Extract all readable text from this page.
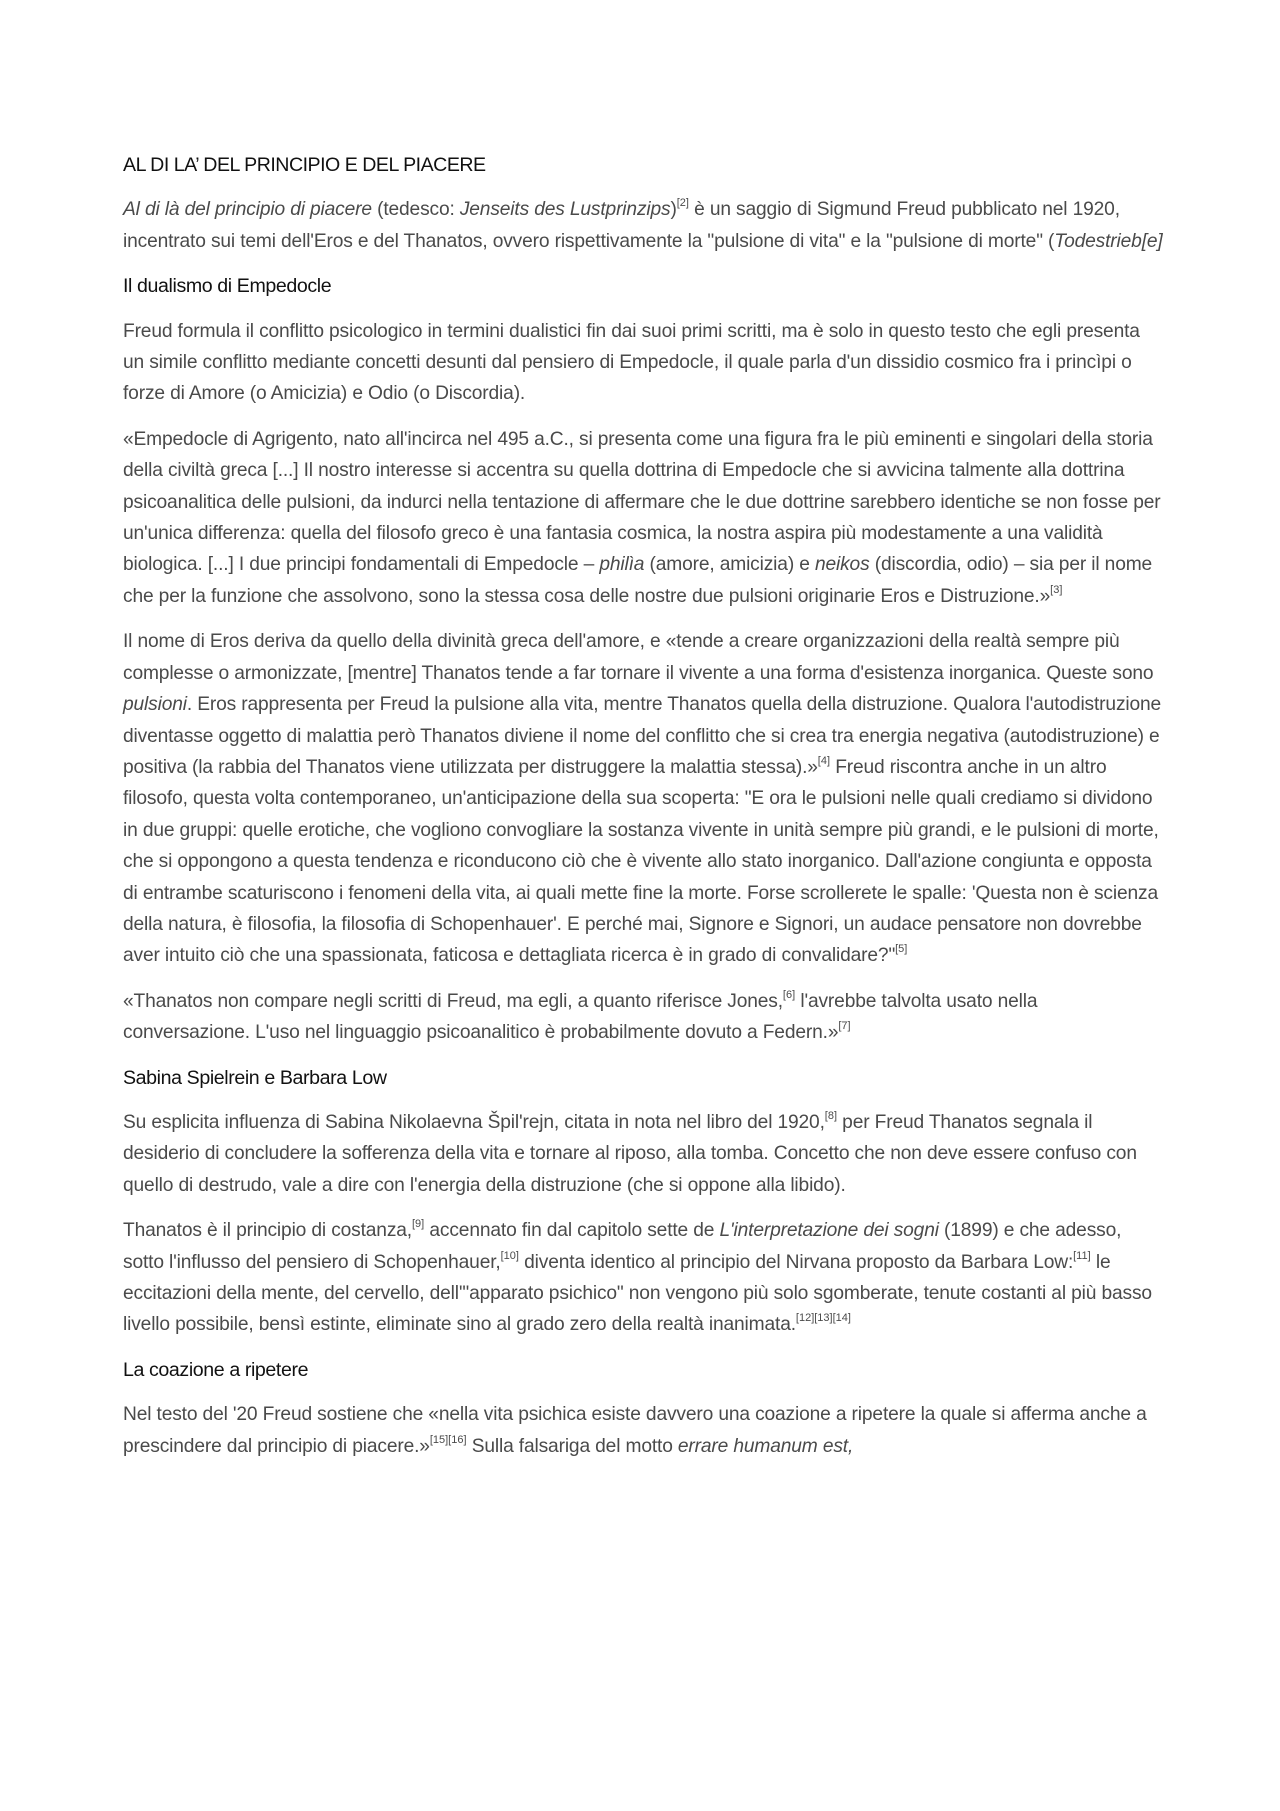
AL DI LA’ DEL PRINCIPIO E DEL PIACERE

Al di là del principio di piacere (tedesco: Jenseits des Lustprinzips)[2] è un saggio di Sigmund Freud pubblicato nel 1920, incentrato sui temi dell'Eros e del Thanatos, ovvero rispettivamente la "pulsione di vita" e la "pulsione di morte" (Todestrieb[e]

Il dualismo di Empedocle

Freud formula il conflitto psicologico in termini dualistici fin dai suoi primi scritti, ma è solo in questo testo che egli presenta un simile conflitto mediante concetti desunti dal pensiero di Empedocle, il quale parla d'un dissidio cosmico fra i princìpi o forze di Amore (o Amicizia) e Odio (o Discordia).

«Empedocle di Agrigento, nato all'incirca nel 495 a.C., si presenta come una figura fra le più eminenti e singolari della storia della civiltà greca [...] Il nostro interesse si accentra su quella dottrina di Empedocle che si avvicina talmente alla dottrina psicoanalitica delle pulsioni, da indurci nella tentazione di affermare che le due dottrine sarebbero identiche se non fosse per un'unica differenza: quella del filosofo greco è una fantasia cosmica, la nostra aspira più modestamente a una validità biologica. [...] I due principi fondamentali di Empedocle – philìa (amore, amicizia) e neikos (discordia, odio) – sia per il nome che per la funzione che assolvono, sono la stessa cosa delle nostre due pulsioni originarie Eros e Distruzione.»[3]

Il nome di Eros deriva da quello della divinità greca dell'amore, e «tende a creare organizzazioni della realtà sempre più complesse o armonizzate, [mentre] Thanatos tende a far tornare il vivente a una forma d'esistenza inorganica. Queste sono pulsioni. Eros rappresenta per Freud la pulsione alla vita, mentre Thanatos quella della distruzione. Qualora l'autodistruzione diventasse oggetto di malattia però Thanatos diviene il nome del conflitto che si crea tra energia negativa (autodistruzione) e positiva (la rabbia del Thanatos viene utilizzata per distruggere la malattia stessa).»[4] Freud riscontra anche in un altro filosofo, questa volta contemporaneo, un'anticipazione della sua scoperta: "E ora le pulsioni nelle quali crediamo si dividono in due gruppi: quelle erotiche, che vogliono convogliare la sostanza vivente in unità sempre più grandi, e le pulsioni di morte, che si oppongono a questa tendenza e riconducono ciò che è vivente allo stato inorganico. Dall'azione congiunta e opposta di entrambe scaturiscono i fenomeni della vita, ai quali mette fine la morte. Forse scrollerete le spalle: 'Questa non è scienza della natura, è filosofia, la filosofia di Schopenhauer'. E perché mai, Signore e Signori, un audace pensatore non dovrebbe aver intuito ciò che una spassionata, faticosa e dettagliata ricerca è in grado di convalidare?"[5]

«Thanatos non compare negli scritti di Freud, ma egli, a quanto riferisce Jones,[6] l'avrebbe talvolta usato nella conversazione. L'uso nel linguaggio psicoanalitico è probabilmente dovuto a Federn.»[7]

Sabina Spielrein e Barbara Low

Su esplicita influenza di Sabina Nikolaevna Špil'rejn, citata in nota nel libro del 1920,[8] per Freud Thanatos segnala il desiderio di concludere la sofferenza della vita e tornare al riposo, alla tomba. Concetto che non deve essere confuso con quello di destrudo, vale a dire con l'energia della distruzione (che si oppone alla libido).

Thanatos è il principio di costanza,[9] accennato fin dal capitolo sette de L'interpretazione dei sogni (1899) e che adesso, sotto l'influsso del pensiero di Schopenhauer,[10] diventa identico al principio del Nirvana proposto da Barbara Low:[11] le eccitazioni della mente, del cervello, dell'"apparato psichico" non vengono più solo sgomberate, tenute costanti al più basso livello possibile, bensì estinte, eliminate sino al grado zero della realtà inanimata.[12][13][14]

La coazione a ripetere

Nel testo del '20 Freud sostiene che «nella vita psichica esiste davvero una coazione a ripetere la quale si afferma anche a prescindere dal principio di piacere.»[15][16] Sulla falsariga del motto errare humanum est,
